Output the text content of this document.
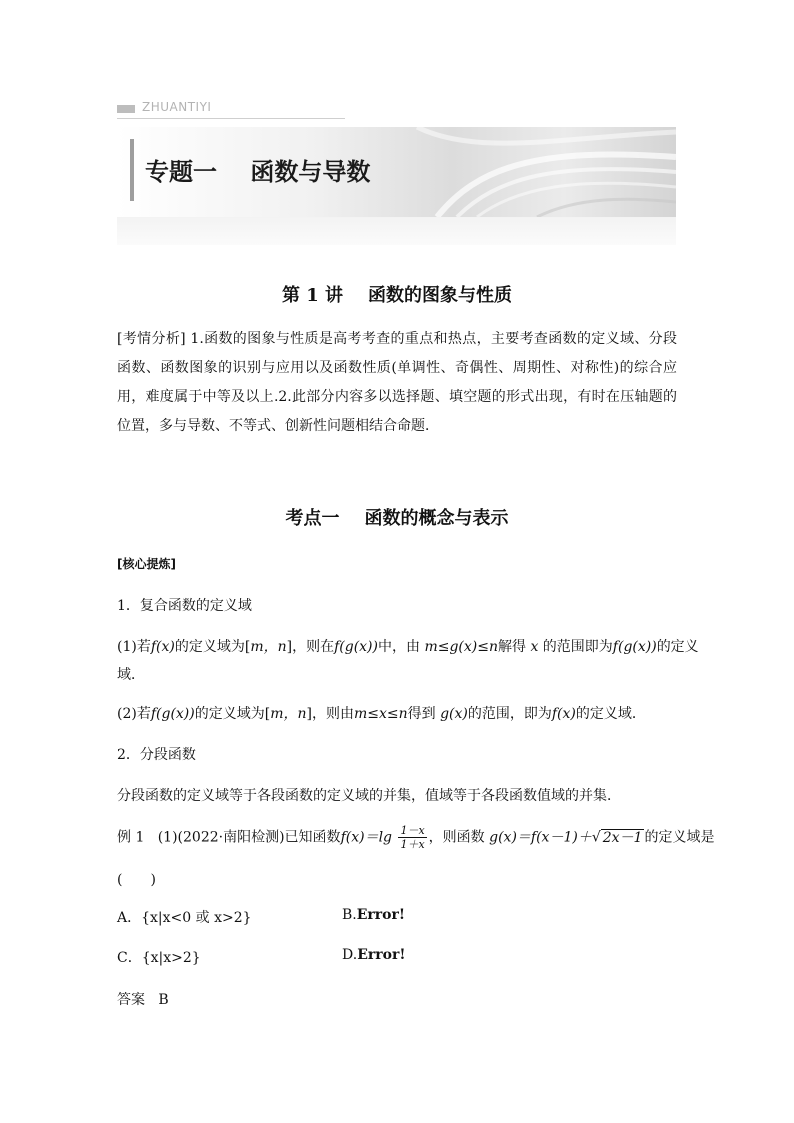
ZHUANTIYI
专题一    函数与导数
第 1 讲    函数的图象与性质
[考情分析] 1.函数的图象与性质是高考考查的重点和热点，主要考查函数的定义域、分段函数、函数图象的识别与应用以及函数性质(单调性、奇偶性、周期性、对称性)的综合应用，难度属于中等及以上.2.此部分内容多以选择题、填空题的形式出现，有时在压轴题的位置，多与导数、不等式、创新性问题相结合命题．
考点一    函数的概念与表示
[核心提炼]
1．复合函数的定义域
(1)若f(x)的定义域为[m，n]，则在f(g(x))中，由 m≤g(x)≤n解得 x 的范围即为f(g(x))的定义
域．
(2)若f(g(x))的定义域为[m，n]，则由m≤x≤n得到 g(x)的范围，即为f(x)的定义域．
2．分段函数
分段函数的定义域等于各段函数的定义域的并集，值域等于各段函数值域的并集．
例 1 (1)(2022·南阳检测)已知函数$f(x)=\lg \frac{1-x}{1+x}$ ，则函数 g(x)＝f(x－1)＋√ 2x－1 的定义域是
(　　)
A．{x|x<0 或 x>2}	B.Error!
C．{x|x>2}	D.Error!
答案 B
